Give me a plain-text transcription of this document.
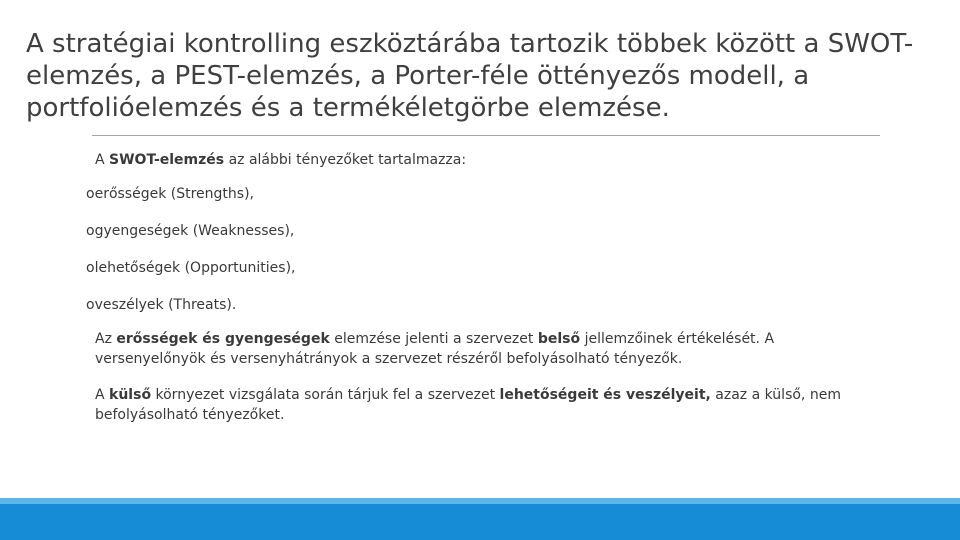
A stratégiai kontrolling eszköztárába tartozik többek között a SWOT-elemzés, a PEST-elemzés, a Porter-féle öttényezős modell, a portfolióelemzés és a termékéletgörbe elemzése.
A SWOT-elemzés az alábbi tényezőket tartalmazza:
oerősségek (Strengths),
ogyengeségek (Weaknesses),
olehetőségek (Opportunities),
oveszélyek (Threats).

Az erősségek és gyengeségek elemzése jelenti a szervezet belső jellemzőinek értékelését. A versenyelőnyök és versenyhátrányok a szervezet részéről befolyásolható tényezők.

A külső környezet vizsgálata során tárjuk fel a szervezet lehetőségeit és veszélyeit, azaz a külső, nem befolyásolható tényezőket.
